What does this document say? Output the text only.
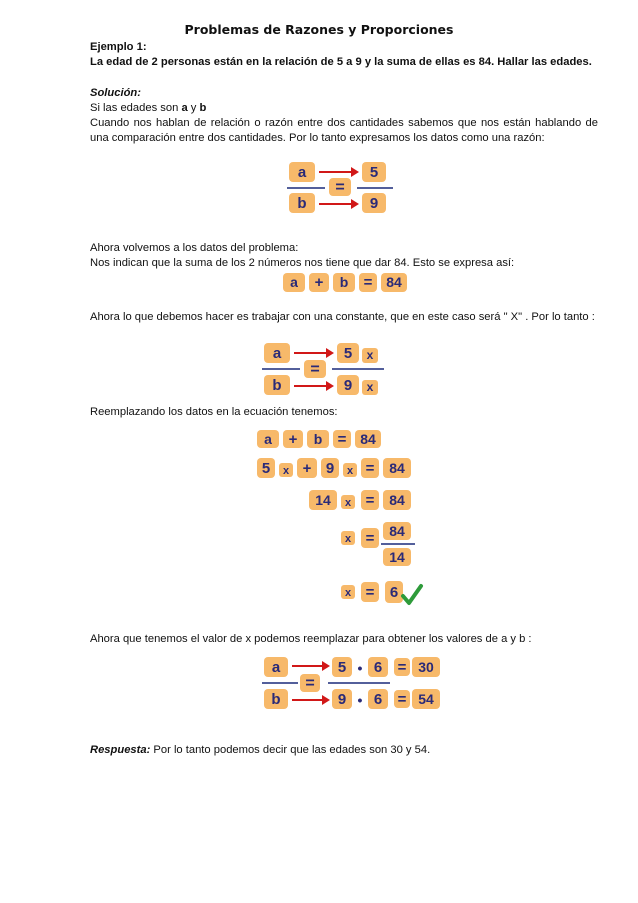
Problemas de Razones y Proporciones
Ejemplo 1:
La edad de 2 personas están en la relación de 5 a 9 y la suma de ellas es 84. Hallar las edades.
Solución:
Si las edades son a y b
Cuando nos hablan de relación o razón entre dos cantidades sabemos que nos están hablando de una comparación entre dos cantidades. Por lo tanto expresamos los datos como una razón:
a
b
=
5
9
Ahora volvemos a los datos del problema:
Nos indican que la suma de los 2 números nos tiene que dar 84. Esto se expresa así:
a + b = 84
Ahora lo que debemos hacer es trabajar con una constante, que en este caso será " X" . Por lo tanto :
a
b
=
5 x
9 x
Reemplazando los datos en la ecuación tenemos:
a + b = 84
5 x + 9 x = 84
14 x = 84
x = 84
14
x = 6
Ahora que tenemos el valor de x podemos reemplazar para obtener los valores de a y b :
a
b
=
5 • 6
9 • 6
= 30
= 54
Respuesta: Por lo tanto podemos decir que las edades son 30 y 54.
